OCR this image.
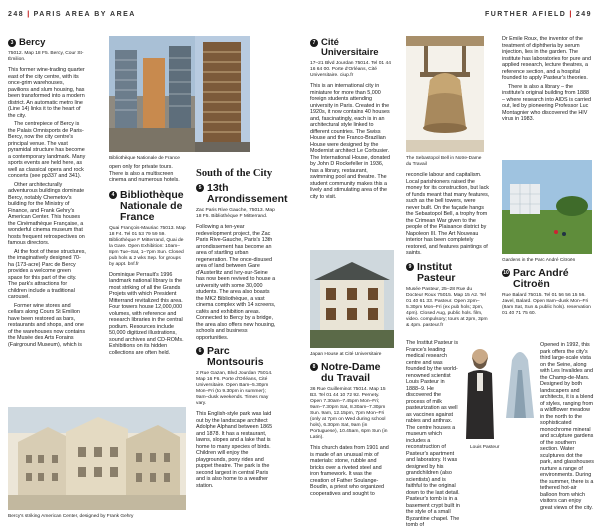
248 | PARIS AREA BY AREA	FURTHER AFIELD | 249
3 Bercy
75012. Map 18 F5. Bercy, Cour St-Émilion.

This former wine-trading quarter east of the city centre, with its once-grim warehouses, pavilions and slum housing, has been transformed into a modern district. An automatic metro line (Line 14) links it to the heart of the city.

The centrepiece of Bercy is the Palais Omnisports de Paris-Bercy, now the city centre's principal venue. The vast pyramidal structure has become a contemporary landmark. Many sports events are held here, as well as classical opera and rock concerts (see pp337 and 341).

Other architecturally adventurous buildings dominate Bercy, notably Chemetov's building for the Ministry of Finance, and Frank Gehry's American Center. This houses the Cinémathèque Française, a wonderful cinema museum that hosts frequent retrospectives on famous directors.

At the foot of these structures, the imaginatively designed 70-ha (173-acre) Parc de Bercy provides a welcome green space for this part of the city. The park's attractions for children include a traditional carousel.

Former wine stores and cellars along Cours St Emilion have been restored as bars, restaurants and shops, and one of the warehouses now contains the Musée des Arts Forains (Fairground Museum), which is

Bercy's striking American Center, designed by Frank Gehry
Bibliothèque Nationale de France

open only for private tours. There is also a multiscreen cinema and numerous hotels.

4 Bibliothèque Nationale de France
Quai François-Mauriac 75013. Map 18 F4. Tel 01 53 79 59 59. Bibliothèque F Mitterrand, Quai de la Gare. Open Exhibition: 10am–8pm Tue–Sat, 1–7pm Sun. Closed pub hols & 2 wks Sep. for groups by appt. bnf.fr

Dominique Perrault's 1996 landmark national library is the most striking of all the Grands Projets with which President Mitterrand revitalized this area. Four towers house 12,000,000 volumes, with reference and research libraries in the central podium. Resources include 50,000 digitized illustrations, sound archives and CD-ROMs. Exhibitions on its hidden collections are often held.

South of the City
5 13th Arrondissement
Zac Paris Rive Gauche, 75013. Map 18 F5. Bibliothèque F Mitterrand.

Following a ten-year redevelopment project, the Zac Paris Rive-Gauche, Paris's 13th arrondissement has become an area of startling urban regeneration. The once-disused area of land between Gare d'Austerlitz and Ivry-sur-Seine has now been revived to house a university with some 30,000 students. The area also boasts the MK2 Bibliothèque, a vast cinema complex with 14 screens, cafés and exhibition areas. Connected to Bercy by a bridge, the area also offers new housing, schools and business opportunities.

6 Parc Montsouris
2 Rue Gazan, Blvd Jourdan 75014. Map 16 F6. Porte d'Orléans, Cité Universitaire. Open Bam–5.30pm Mon–Fri (to 9.30pm in summer); 9am–dusk weekends. Times may vary.

This English-style park was laid out by the landscape architect Adolphe Alphand between 1865 and 1878. It has a restaurant, lawns, slopes and a lake that is home to many species of birds. Children will enjoy the playgrounds, pony rides and puppet theatre. The park is the second largest in central Paris and is also home to a weather station.

7 Cité Universitaire
17–21 Blvd Jourdan 75014. Tel 01 44 16 64 00. Porte d'Orléans, Cité Universitaire. ciup.fr

This is an international city in miniature for more than 5,000 foreign students attending university in Paris. Created in the 1920s, it now contains 40 houses and, fascinatingly, each is in an architectural style linked to different countries. The Swiss House and the Franco-Brazilian House were designed by the Modernist architect Le Corbusier. The International House, donated by John D Rockefeller in 1936, has a library, restaurant, swimming pool and theatre. The student community makes this a lively and stimulating area of the city to visit.

Japan House at Cité Universitaire
8 Notre-Dame du Travail
36 Rue Guilleminot 75014. Map 15 B3. Tel 01 44 10 72 92. Pernety. Open 7.30am–7.45pm Mon–Fri; 9am–7.30pm Sat, 8.30am–7.30pm Sun. 9am, 12.15pm, 7pm Mon–Fri (only at 7pm on Wed during school hols), 6.30pm Sat, 9am (in Portuguese), 10.45am, 6pm Sun (in Latin).

This church dates from 1901 and is made of an unusual mix of materials: stone, rubble and bricks over a riveted steel and iron framework. It was the creation of Father Soulange-Boudin, a priest who organized cooperatives and sought to

The Sebastopol Bell in Notre-Dame du Travail

reconcile labour and capitalism. Local parishioners raised the money for its construction, but lack of funds meant that many features, such as the bell towers, were never built. On the façade hangs the Sebastopol Bell, a trophy from the Crimean War given to the people of the Plaisance district by Napoleon III. The Art Nouveau interior has been completely restored, and features paintings of saints.

9 Institut Pasteur
Musée Pasteur, 25–28 Rue du Docteur Roux 75015. Map 15 A2. Tel 01 40 61 33. Pasteur. Open 2pm–5.30pm Mon–Fri (ex pub hols; 2pm, 4pm). Closed Aug, public hols. film, video. compulsory; tours at 2pm, 3pm & 4pm. pasteur.fr

The Institut Pasteur is France's leading medical research centre and was founded by the world-renowned scientist Louis Pasteur in 1888–9. He discovered the process of milk pasteurization as well as vaccines against rabies and anthrax. The centre houses a museum which includes a reconstruction of Pasteur's apartment and laboratory. It was designed by his grandchildren (also scientists) and is faithful to the original down to the last detail. Pasteur's tomb is in a basement crypt built in the style of a small Byzantine chapel. The tomb of

Louis Pasteur

Dr Emile Roux, the inventor of the treatment of diphtheria by serum injection, lies in the garden. The institute has laboratories for pure and applied research, lecture theatres, a reference section, and a hospital founded to apply Pasteur's theories.

There is also a library – the institute's original building from 1888 – where research into AIDS is carried out, led by pioneering Professor Luc Montagnier who discovered the HIV virus in 1983.

Gardens in the Parc André Citroën
10 Parc André Citroën
Rue Balard 75015. Tel 01 56 56 15 56. Javel, Balard. Open 8am–dusk Mon–Fri (8am Sat, Sun & public hols). reservation 01 40 71 75 60.

Opened in 1992, this park offers the city's third large-scale vista on the Seine, along with Les Invalides and the Champ-de-Mars. Designed by both landscapers and architects, it is a blend of styles, ranging from a wildflower meadow in the north to the sophisticated monochrome mineral and sculpture gardens of the southern section. Water sculptures dot the park, and glasshouses nurture a range of environments. During the summer, there is a tethered hot-air balloon from which visitors can enjoy great views of the city.
